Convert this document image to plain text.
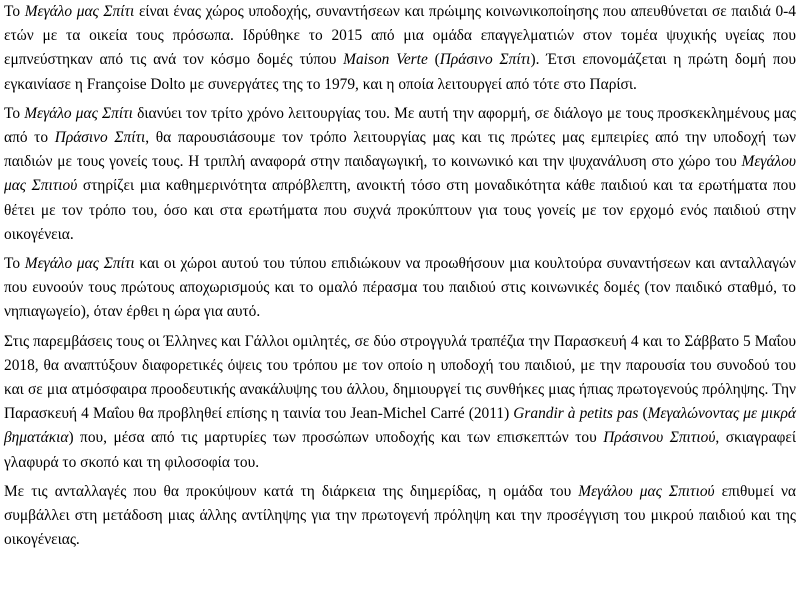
Το Μεγάλο μας Σπίτι είναι ένας χώρος υποδοχής, συναντήσεων και πρώιμης κοινωνικοποίησης που απευθύνεται σε παιδιά 0-4 ετών με τα οικεία τους πρόσωπα. Ιδρύθηκε το 2015 από μια ομάδα επαγγελματιών στον τομέα ψυχικής υγείας που εμπνεύστηκαν από τις ανά τον κόσμο δομές τύπου Maison Verte (Πράσινο Σπίτι). Έτσι επονομάζεται η πρώτη δομή που εγκαινίασε η Françoise Dolto με συνεργάτες της το 1979, και η οποία λειτουργεί από τότε στο Παρίσι.

Το Μεγάλο μας Σπίτι διανύει τον τρίτο χρόνο λειτουργίας του. Με αυτή την αφορμή, σε διάλογο με τους προσκεκλημένους μας από το Πράσινο Σπίτι, θα παρουσιάσουμε τον τρόπο λειτουργίας μας και τις πρώτες μας εμπειρίες από την υποδοχή των παιδιών με τους γονείς τους. Η τριπλή αναφορά στην παιδαγωγική, το κοινωνικό και την ψυχανάλυση στο χώρο του Μεγάλου μας Σπιτιού στηρίζει μια καθημερινότητα απρόβλεπτη, ανοικτή τόσο στη μοναδικότητα κάθε παιδιού και τα ερωτήματα που θέτει με τον τρόπο του, όσο και στα ερωτήματα που συχνά προκύπτουν για τους γονείς με τον ερχομό ενός παιδιού στην οικογένεια.

Το Μεγάλο μας Σπίτι και οι χώροι αυτού του τύπου επιδιώκουν να προωθήσουν μια κουλτούρα συναντήσεων και ανταλλαγών που ευνοούν τους πρώτους αποχωρισμούς και το ομαλό πέρασμα του παιδιού στις κοινωνικές δομές (τον παιδικό σταθμό, το νηπιαγωγείο), όταν έρθει η ώρα για αυτό.

Στις παρεμβάσεις τους οι Έλληνες και Γάλλοι ομιλητές, σε δύο στρογγυλά τραπέζια την Παρασκευή 4 και το Σάββατο 5 Μαΐου 2018, θα αναπτύξουν διαφορετικές όψεις του τρόπου με τον οποίο η υποδοχή του παιδιού, με την παρουσία του συνοδού του και σε μια ατμόσφαιρα προοδευτικής ανακάλυψης του άλλου, δημιουργεί τις συνθήκες μιας ήπιας πρωτογενούς πρόληψης. Την Παρασκευή 4 Μαΐου θα προβληθεί επίσης η ταινία του Jean-Michel Carré (2011) Grandir à petits pas (Μεγαλώνοντας με μικρά βηματάκια) που, μέσα από τις μαρτυρίες των προσώπων υποδοχής και των επισκεπτών του Πράσινου Σπιτιού, σκιαγραφεί γλαφυρά το σκοπό και τη φιλοσοφία του.

Με τις ανταλλαγές που θα προκύψουν κατά τη διάρκεια της διημερίδας, η ομάδα του Μεγάλου μας Σπιτιού επιθυμεί να συμβάλλει στη μετάδοση μιας άλλης αντίληψης για την πρωτογενή πρόληψη και την προσέγγιση του μικρού παιδιού και της οικογένειας.
